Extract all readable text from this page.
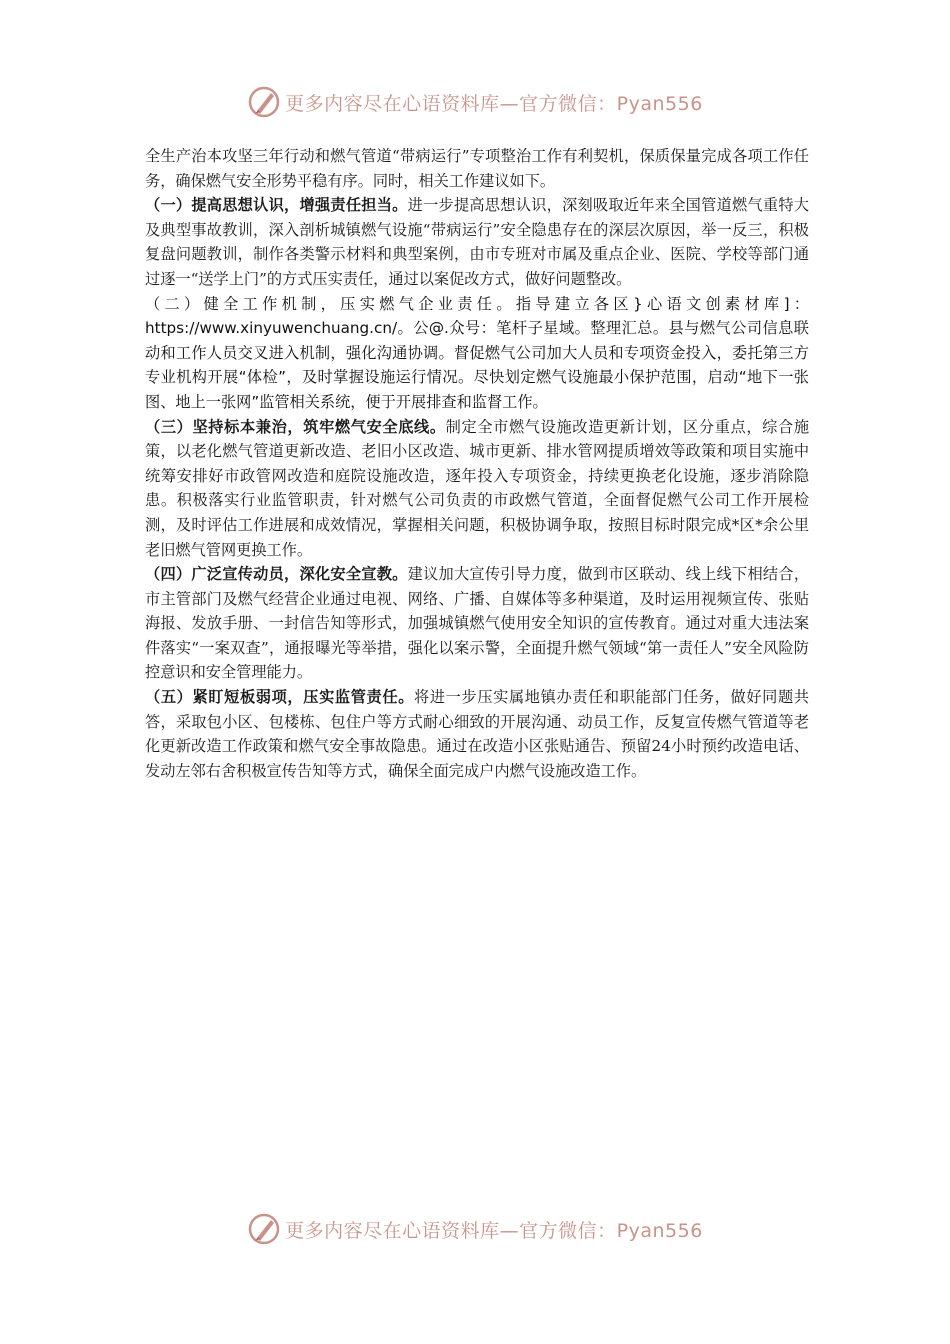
更多内容尽在心语资料库—官方微信：Pyan556

全生产治本攻坚三年行动和燃气管道“带病运行”专项整治工作有利契机，保质保量完成各项工作任务，确保燃气安全形势平稳有序。同时，相关工作建议如下。

（一）提高思想认识，增强责任担当。进一步提高思想认识，深刻吸取近年来全国管道燃气重特大及典型事故教训，深入剖析城镇燃气设施“带病运行”安全隐患存在的深层次原因，举一反三，积极复盘问题教训，制作各类警示材料和典型案例，由市专班对市属及重点企业、医院、学校等部门通过逐一“送学上门”的方式压实责任，通过以案促改方式，做好问题整改。

（二）健全工作机制，压实燃气企业责任。指导建立各区}心语文创素材库]：https://www.xinyuwenchuang.cn/。公@.众号：笔杆子星域。整理汇总。县与燃气公司信息联动和工作人员交叉进入机制，强化沟通协调。督促燃气公司加大人员和专项资金投入，委托第三方专业机构开展“体检”，及时掌握设施运行情况。尽快划定燃气设施最小保护范围，启动“地下一张图、地上一张网”监管相关系统，便于开展排查和监督工作。

（三）坚持标本兼治，筑牢燃气安全底线。制定全市燃气设施改造更新计划，区分重点，综合施策，以老化燃气管道更新改造、老旧小区改造、城市更新、排水管网提质增效等政策和项目实施中统筹安排好市政管网改造和庭院设施改造，逐年投入专项资金，持续更换老化设施，逐步消除隐患。积极落实行业监管职责，针对燃气公司负责的市政燃气管道，全面督促燃气公司工作开展检测，及时评估工作进展和成效情况，掌握相关问题，积极协调争取，按照目标时限完成*区*余公里老旧燃气管网更换工作。

（四）广泛宣传动员，深化安全宣教。建议加大宣传引导力度，做到市区联动、线上线下相结合，市主管部门及燃气经营企业通过电视、网络、广播、自媒体等多种渠道，及时运用视频宣传、张贴海报、发放手册、一封信告知等形式，加强城镇燃气使用安全知识的宣传教育。通过对重大违法案件落实“一案双查”，通报曝光等举措，强化以案示警，全面提升燃气领域“第一责任人”安全风险防控意识和安全管理能力。

（五）紧盯短板弱项，压实监管责任。将进一步压实属地镇办责任和职能部门任务，做好同题共答，采取包小区、包楼栋、包住户等方式耐心细致的开展沟通、动员工作，反复宣传燃气管道等老化更新改造工作政策和燃气安全事故隐患。通过在改造小区张贴通告、预留24小时预约改造电话、发动左邻右舍积极宣传告知等方式，确保全面完成户内燃气设施改造工作。

更多内容尽在心语资料库—官方微信：Pyan556
